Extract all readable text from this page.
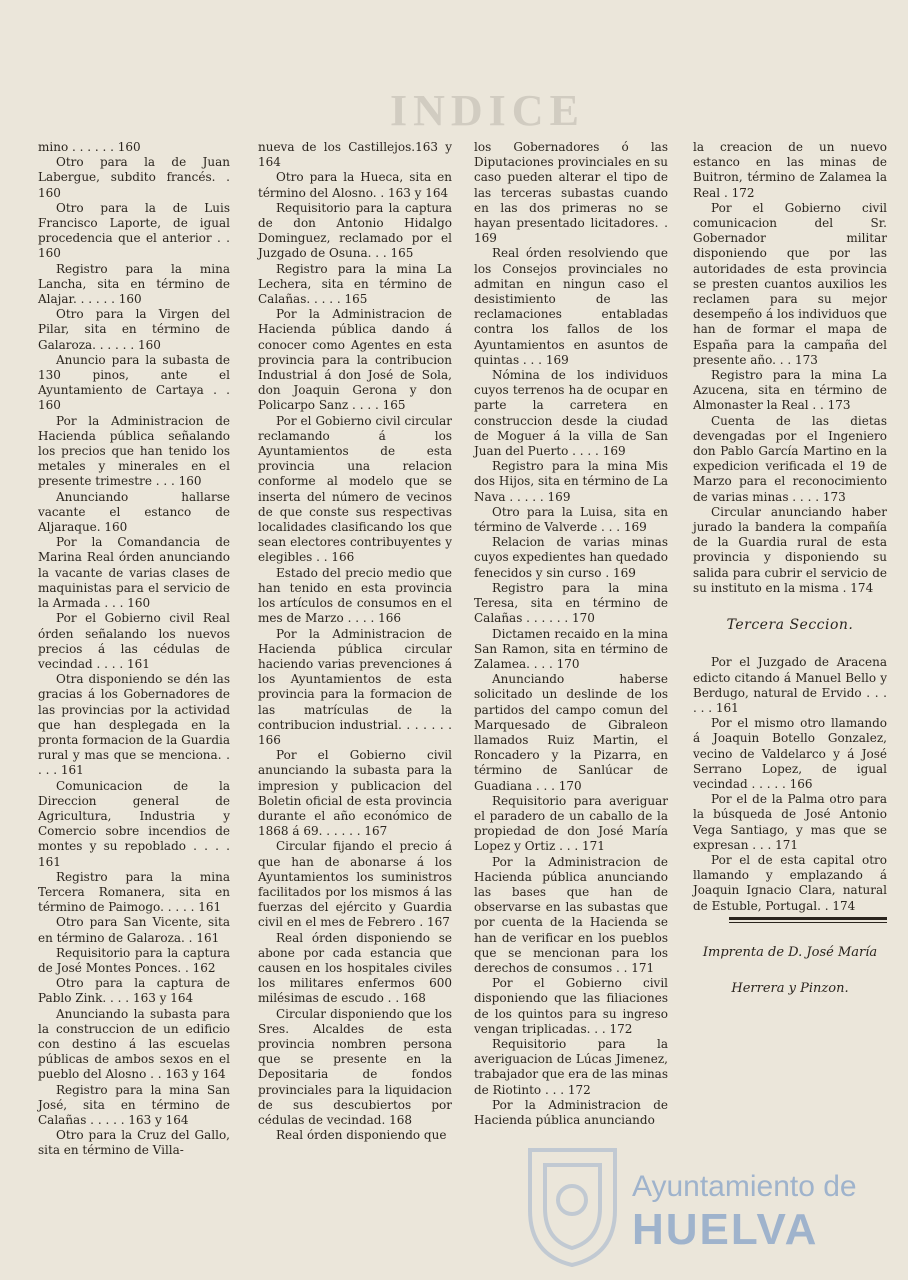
INDICE

mino . . . . . . 160

Otro para la de Juan Labergue, subdito francés. . 160

Otro para la de Luis Francisco Laporte, de igual procedencia que el anterior . . 160

Registro para la mina Lancha, sita en término de Alajar. . . . . . 160

Otro para la Virgen del Pilar, sita en término de Galaroza. . . . . . 160

Anuncio para la subasta de 130 pinos, ante el Ayuntamiento de Cartaya . . 160

Por la Administracion de Hacienda pública señalando los precios que han tenido los metales y minerales en el presente trimestre . . . 160

Anunciando hallarse vacante el estanco de Aljaraque. 160

Por la Comandancia de Marina Real órden anunciando la vacante de varias clases de maquinistas para el servicio de la Armada . . . 160

Por el Gobierno civil Real órden señalando los nuevos precios á las cédulas de vecindad . . . . 161

Otra disponiendo se dén las gracias á los Gobernadores de las provincias por la actividad que han desplegada en la pronta formacion de la Guardia rural y mas que se menciona. . . . . 161

Comunicacion de la Direccion general de Agricultura, Industria y Comercio sobre incendios de montes y su repoblado . . . . 161

Registro para la mina Tercera Romanera, sita en término de Paimogo. . . . . 161

Otro para San Vicente, sita en término de Galaroza. . 161

Requisitorio para la captura de José Montes Ponces. . 162

Otro para la captura de Pablo Zink. . . . 163 y 164

Anunciando la subasta para la construccion de un edificio con destino á las escuelas públicas de ambos sexos en el pueblo del Alosno . . 163 y 164

Registro para la mina San José, sita en término de Calañas . . . . . 163 y 164

Otro para la Cruz del Gallo, sita en término de Villa-

nueva de los Castillejos.163 y 164

Otro para la Hueca, sita en término del Alosno. . 163 y 164

Requisitorio para la captura de don Antonio Hidalgo Dominguez, reclamado por el Juzgado de Osuna. . . 165

Registro para la mina La Lechera, sita en término de Calañas. . . . . 165

Por la Administracion de Hacienda pública dando á conocer como Agentes en esta provincia para la contribucion Industrial á don José de Sola, don Joaquin Gerona y don Policarpo Sanz . . . . 165

Por el Gobierno civil circular reclamando á los Ayuntamientos de esta provincia una relacion conforme al modelo que se inserta del número de vecinos de que conste sus respectivas localidades clasificando los que sean electores contribuyentes y elegibles . . 166

Estado del precio medio que han tenido en esta provincia los artículos de consumos en el mes de Marzo . . . . 166

Por la Administracion de Hacienda pública circular haciendo varias prevenciones á los Ayuntamientos de esta provincia para la formacion de las matrículas de la contribucion industrial. . . . . . . 166

Por el Gobierno civil anunciando la subasta para la impresion y publicacion del Boletin oficial de esta provincia durante el año económico de 1868 á 69. . . . . . 167

Circular fijando el precio á que han de abonarse á los Ayuntamientos los suministros facilitados por los mismos á las fuerzas del ejército y Guardia civil en el mes de Febrero . 167

Real órden disponiendo se abone por cada estancia que causen en los hospitales civiles los militares enfermos 600 milésimas de escudo . . 168

Circular disponiendo que los Sres. Alcaldes de esta provincia nombren persona que se presente en la Depositaria de fondos provinciales para la liquidacion de sus descubiertos por cédulas de vecindad. 168

Real órden disponiendo que

los Gobernadores ó las Diputaciones provinciales en su caso pueden alterar el tipo de las terceras subastas cuando en las dos primeras no se hayan presentado licitadores. . 169

Real órden resolviendo que los Consejos provinciales no admitan en ningun caso el desistimiento de las reclamaciones entabladas contra los fallos de los Ayuntamientos en asuntos de quintas . . . 169

Nómina de los individuos cuyos terrenos ha de ocupar en parte la carretera en construccion desde la ciudad de Moguer á la villa de San Juan del Puerto . . . . 169

Registro para la mina Mis dos Hijos, sita en término de La Nava . . . . . 169

Otro para la Luisa, sita en término de Valverde . . . 169

Relacion de varias minas cuyos expedientes han quedado fenecidos y sin curso . 169

Registro para la mina Teresa, sita en término de Calañas . . . . . . 170

Dictamen recaido en la mina San Ramon, sita en término de Zalamea. . . . 170

Anunciando haberse solicitado un deslinde de los partidos del campo comun del Marquesado de Gibraleon llamados Ruiz Martin, el Roncadero y la Pizarra, en término de Sanlúcar de Guadiana . . . 170

Requisitorio para averiguar el paradero de un caballo de la propiedad de don José María Lopez y Ortiz . . . 171

Por la Administracion de Hacienda pública anunciando las bases que han de observarse en las subastas que por cuenta de la Hacienda se han de verificar en los pueblos que se mencionan para los derechos de consumos . . 171

Por el Gobierno civil disponiendo que las filiaciones de los quintos para su ingreso vengan triplicadas. . . 172

Requisitorio para la averiguacion de Lúcas Jimenez, trabajador que era de las minas de Riotinto . . . 172

Por la Administracion de Hacienda pública anunciando

la creacion de un nuevo estanco en las minas de Buitron, término de Zalamea la Real . 172

Por el Gobierno civil comunicacion del Sr. Gobernador militar disponiendo que por las autoridades de esta provincia se presten cuantos auxilios les reclamen para su mejor desempeño á los individuos que han de formar el mapa de España para la campaña del presente año. . . 173

Registro para la mina La Azucena, sita en término de Almonaster la Real . . 173

Cuenta de las dietas devengadas por el Ingeniero don Pablo García Martino en la expedicion verificada el 19 de Marzo para el reconocimiento de varias minas . . . . 173

Circular anunciando haber jurado la bandera la compañía de la Guardia rural de esta provincia y disponiendo su salida para cubrir el servicio de su instituto en la misma . 174

Tercera Seccion.

Por el Juzgado de Aracena edicto citando á Manuel Bello y Berdugo, natural de Ervido . . . . . . 161

Por el mismo otro llamando á Joaquin Botello Gonzalez, vecino de Valdelarco y á José Serrano Lopez, de igual vecindad . . . . . 166

Por el de la Palma otro para la búsqueda de José Antonio Vega Santiago, y mas que se expresan . . . 171

Por el de esta capital otro llamando y emplazando á Joaquin Ignacio Clara, natural de Estuble, Portugal. . 174

Imprenta de D. José María
Herrera y Pinzon.
Ayuntamiento de
HUELVA
